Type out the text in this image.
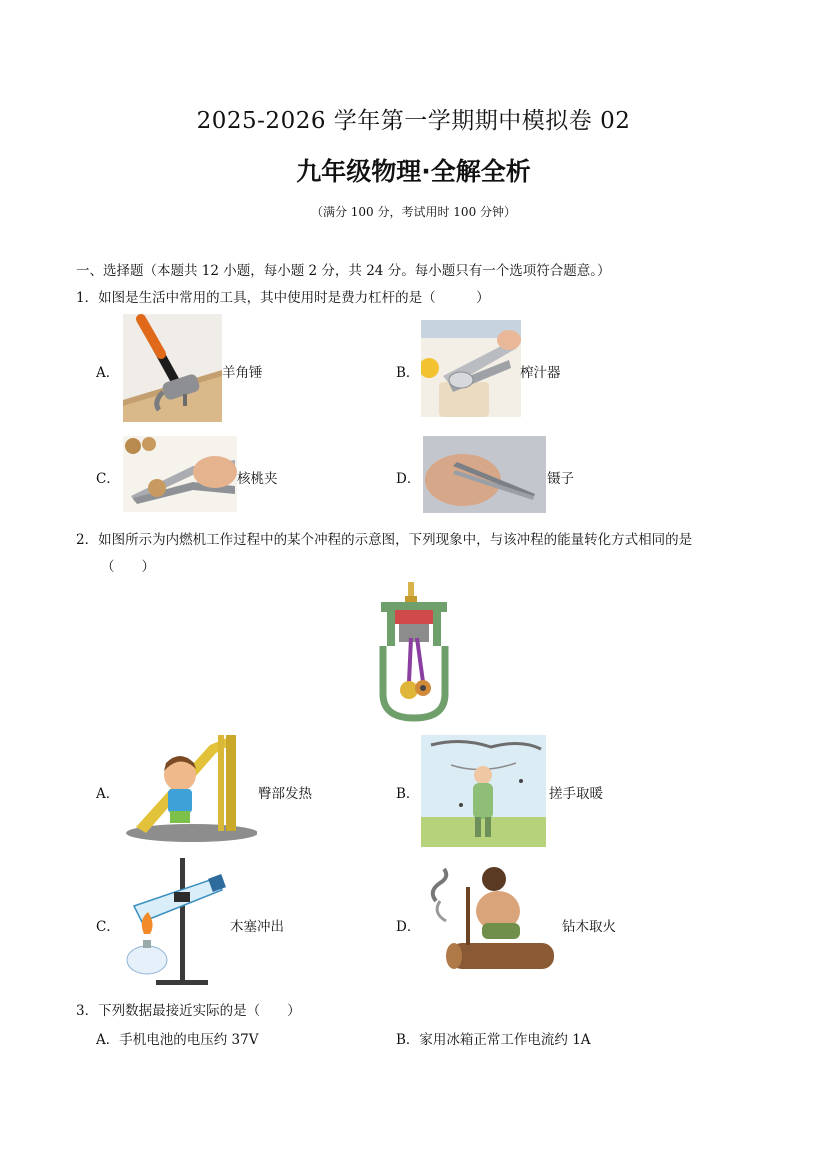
2025-2026 学年第一学期期中模拟卷 02
九年级物理·全解全析
（满分 100 分，考试用时 100 分钟）
一、选择题（本题共 12 小题，每小题 2 分，共 24 分。每小题只有一个选项符合题意。）
1．如图是生活中常用的工具，其中使用时是费力杠杆的是（　　　）
A．	羊角锤	B．	榨汁器
C．	核桃夹	D．	镊子
2．如图所示为内燃机工作过程中的某个冲程的示意图，下列现象中，与该冲程的能量转化方式相同的是
（　　）
A．	臀部发热	B．	搓手取暖
C．	木塞冲出	D．	钻木取火
3．下列数据最接近实际的是（　　）
A．手机电池的电压约 37V	B．家用冰箱正常工作电流约 1A
